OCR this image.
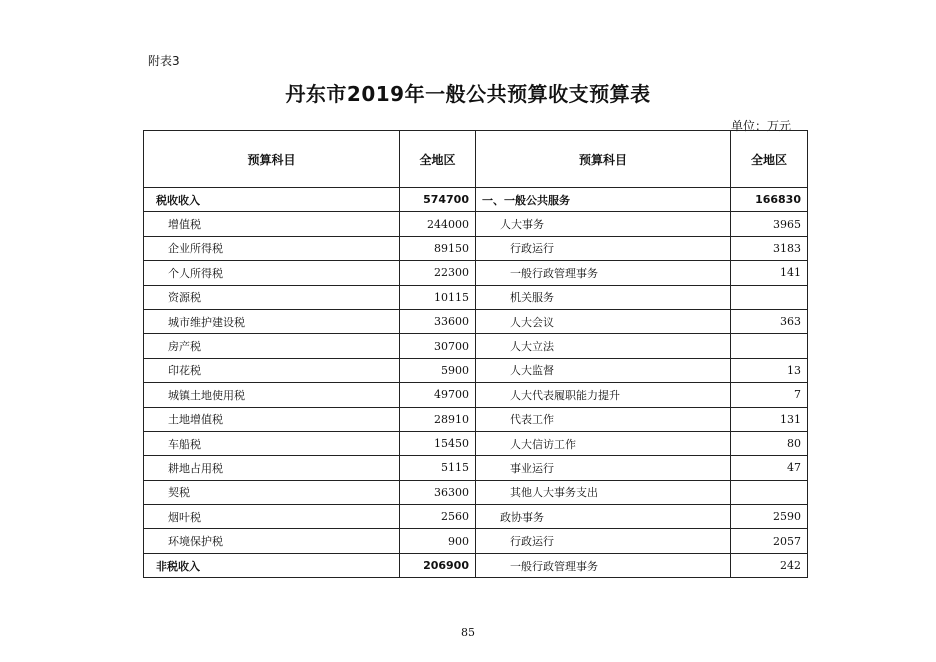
附表3
丹东市2019年一般公共预算收支预算表
单位：万元
预算科目	全地区	预算科目	全地区
税收收入	574700	一、一般公共服务	166830
增值税	244000	人大事务	3965
企业所得税	89150	行政运行	3183
个人所得税	22300	一般行政管理事务	141
资源税	10115	机关服务	
城市维护建设税	33600	人大会议	363
房产税	30700	人大立法	
印花税	5900	人大监督	13
城镇土地使用税	49700	人大代表履职能力提升	7
土地增值税	28910	代表工作	131
车船税	15450	人大信访工作	80
耕地占用税	5115	事业运行	47
契税	36300	其他人大事务支出	
烟叶税	2560	政协事务	2590
环境保护税	900	行政运行	2057
非税收入	206900	一般行政管理事务	242
85
